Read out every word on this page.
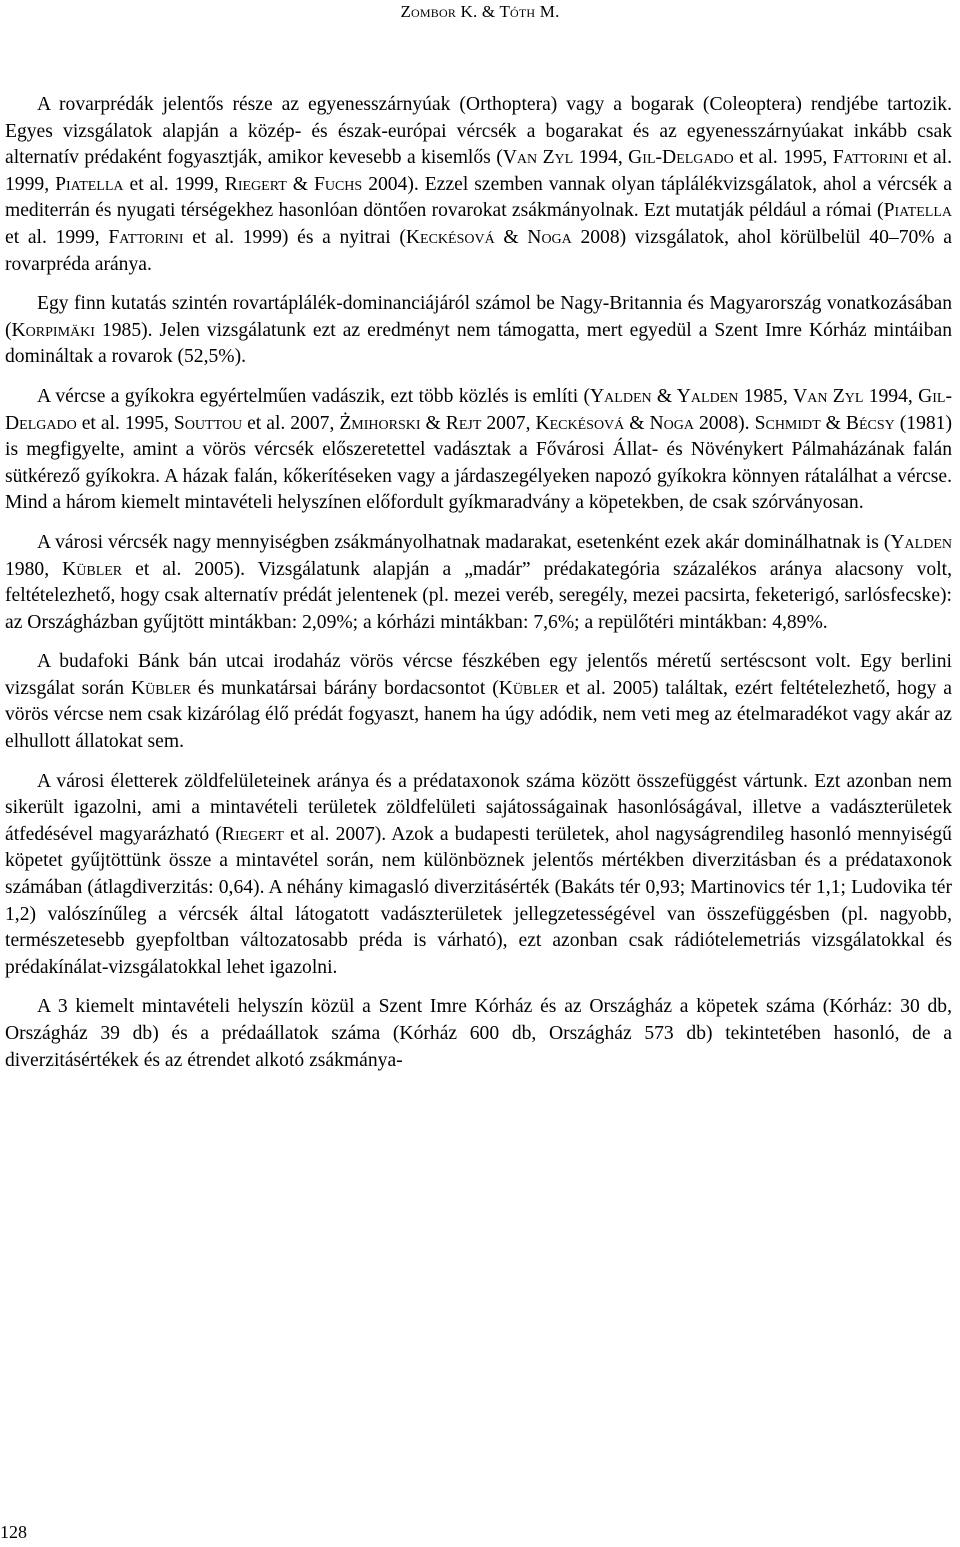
Zombor K. & Tóth M.

A rovarprédák jelentős része az egyenesszárnyúak (Orthoptera) vagy a bogarak (Coleoptera) rendjébe tartozik. Egyes vizsgálatok alapján a közép- és észak-európai vércsék a bogarakat és az egyenesszárnyúakat inkább csak alternatív prédaként fogyasztják, amikor kevesebb a kisemlős (Van Zyl 1994, Gil-Delgado et al. 1995, Fattorini et al. 1999, Piatella et al. 1999, Riegert & Fuchs 2004). Ezzel szemben vannak olyan táplálékvizsgálatok, ahol a vércsék a mediterrán és nyugati térségekhez hasonlóan döntően rovarokat zsákmányolnak. Ezt mutatják például a római (Piatella et al. 1999, Fattorini et al. 1999) és a nyitrai (Keckésová & Noga 2008) vizsgálatok, ahol körülbelül 40–70% a rovarpréda aránya.

Egy finn kutatás szintén rovartáplálék-dominanciájáról számol be Nagy-Britannia és Magyarország vonatkozásában (Korpimäki 1985). Jelen vizsgálatunk ezt az eredményt nem támogatta, mert egyedül a Szent Imre Kórház mintáiban domináltak a rovarok (52,5%).

A vércse a gyíkokra egyértelműen vadászik, ezt több közlés is említi (Yalden & Yalden 1985, Van Zyl 1994, Gil-Delgado et al. 1995, Souttou et al. 2007, Żmihorski & Rejt 2007, Keckésová & Noga 2008). Schmidt & Bécsy (1981) is megfigyelte, amint a vörös vércsék előszeretettel vadásztak a Fővárosi Állat- és Növénykert Pálmaházának falán sütkérező gyíkokra. A házak falán, kőkerítéseken vagy a járdaszegélyeken napozó gyíkokra könnyen rátalálhat a vércse. Mind a három kiemelt mintavételi helyszínen előfordult gyíkmaradvány a köpetekben, de csak szórványosan.

A városi vércsék nagy mennyiségben zsákmányolhatnak madarakat, esetenként ezek akár dominálhatnak is (Yalden 1980, Kübler et al. 2005). Vizsgálatunk alapján a „madár” prédakategória százalékos aránya alacsony volt, feltételezhető, hogy csak alternatív prédát jelentenek (pl. mezei veréb, seregély, mezei pacsirta, feketerigó, sarlósfecske): az Országházban gyűjtött mintákban: 2,09%; a kórházi mintákban: 7,6%; a repülőtéri mintákban: 4,89%.

A budafoki Bánk bán utcai irodaház vörös vércse fészkében egy jelentős méretű sertéscsont volt. Egy berlini vizsgálat során Kübler és munkatársai bárány bordacsontot (Kübler et al. 2005) találtak, ezért feltételezhető, hogy a vörös vércse nem csak kizárólag élő prédát fogyaszt, hanem ha úgy adódik, nem veti meg az ételmaradékot vagy akár az elhullott állatokat sem.

A városi életterek zöldfelületeinek aránya és a prédataxonok száma között összefüggést vártunk. Ezt azonban nem sikerült igazolni, ami a mintavételi területek zöldfelületi sajátosságainak hasonlóságával, illetve a vadászterületek átfedésével magyarázható (Riegert et al. 2007). Azok a budapesti területek, ahol nagyságrendileg hasonló mennyiségű köpetet gyűjtöttünk össze a mintavétel során, nem különböznek jelentős mértékben diverzitásban és a prédataxonok számában (átlagdiverzitás: 0,64). A néhány kimagasló diverzitásérték (Bakáts tér 0,93; Martinovics tér 1,1; Ludovika tér 1,2) valószínűleg a vércsék által látogatott vadászterületek jellegzetességével van összefüggésben (pl. nagyobb, természetesebb gyepfoltban változatosabb préda is várható), ezt azonban csak rádiótelemetriás vizsgálatokkal és prédakínálat-vizsgálatokkal lehet igazolni.

A 3 kiemelt mintavételi helyszín közül a Szent Imre Kórház és az Országház a köpetek száma (Kórház: 30 db, Országház 39 db) és a prédaállatok száma (Kórház 600 db, Országház 573 db) tekintetében hasonló, de a diverzitásértékek és az étrendet alkotó zsákmánya-

128
